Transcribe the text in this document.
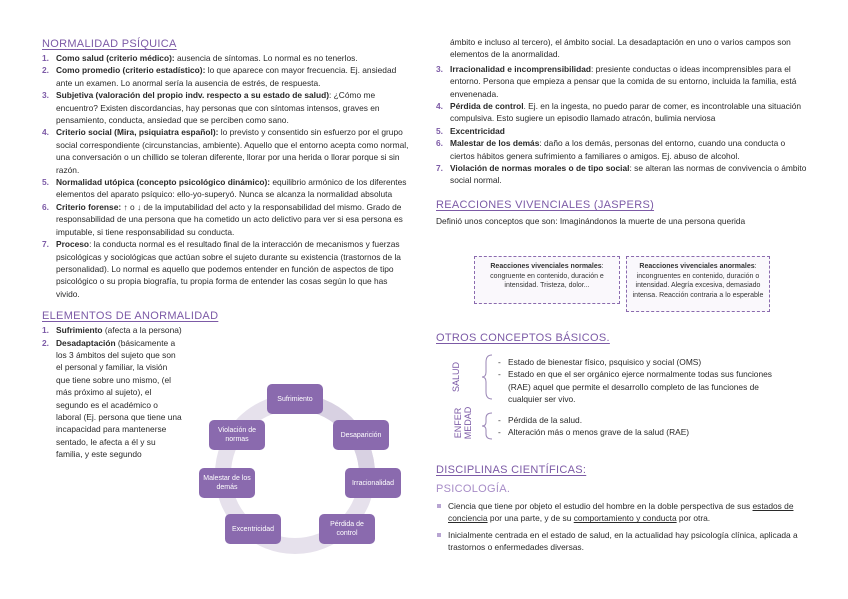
NORMALIDAD PSÍQUICA
1. Como salud (criterio médico): ausencia de síntomas. Lo normal es no tenerlos.
2. Como promedio (criterio estadístico): lo que aparece con mayor frecuencia. Ej. ansiedad ante un examen. Lo anormal sería la ausencia de estrés, de respuesta.
3. Subjetiva (valoración del propio indv. respecto a su estado de salud): ¿Cómo me encuentro? Existen discordancias, hay personas que con síntomas intensos, graves en pensamiento, conducta, ansiedad que se perciben como sano.
4. Criterio social (Mira, psiquiatra español): lo previsto y consentido sin esfuerzo por el grupo social correspondiente (circunstancias, ambiente). Aquello que el entorno acepta como normal, una conversación o un chillido se toleran diferente, llorar por una herida o llorar porque si sin razón.
5. Normalidad utópica (concepto psicológico dinámico): equilibrio armónico de los diferentes elementos del aparato psíquico: ello-yo-superyó. Nunca se alcanza la normalidad absoluta
6. Criterio forense: ↑ o ↓ de la imputabilidad del acto y la responsabilidad del mismo. Grado de responsabilidad de una persona que ha cometido un acto delictivo para ver si esa persona es imputable, si tiene responsabilidad su conducta.
7. Proceso: la conducta normal es el resultado final de la interacción de mecanismos y fuerzas psicológicas y sociológicas que actúan sobre el sujeto durante su existencia (trastornos de la personalidad). Lo normal es aquello que podemos entender en función de aspectos de tipo psicológico o su propia biografía, tu propia forma de entender las cosas según lo que has vivido.
ELEMENTOS DE ANORMALIDAD
1. Sufrimiento (afecta a la persona)
2. Desadaptación (básicamente a los 3 ámbitos del sujeto que son el personal y familiar, la visión que tiene sobre uno mismo, (el más próximo al sujeto), el segundo es el académico o laboral (Ej. persona que tiene una incapacidad para mantenerse sentado, le afecta a él y su familia, y este segundo
Sufrimiento
Desaparición
Irracionalidad
Pérdida de control
Excentricidad
Malestar de los demás
Violación de normas
ámbito e incluso al tercero), el ámbito social. La desadaptación en uno o varios campos son elementos de la anormalidad.
3. Irracionalidad e incomprensibilidad: presiente conductas o ideas incomprensibles para el entorno. Persona que empieza a pensar que la comida de su entorno, incluida la familia, está envenenada.
4. Pérdida de control. Ej. en la ingesta, no puedo parar de comer, es incontrolable una situación compulsiva. Esto sugiere un episodio llamado atracón, bulimia nerviosa
5. Excentricidad
6. Malestar de los demás: daño a los demás, personas del entorno, cuando una conducta o ciertos hábitos genera sufrimiento a familiares o amigos. Ej. abuso de alcohol.
7. Violación de normas morales o de tipo social: se alteran las normas de convivencia o ámbito social normal.
REACCIONES VIVENCIALES (JASPERS)
Definió unos conceptos que son: Imaginándonos la muerte de una persona querida
Reacciones vivenciales normales: congruente en contenido, duración e intensidad. Tristeza, dolor...
Reacciones vivenciales anormales: incongruentes en contenido, duración o intensidad. Alegría excesiva, demasiado intensa. Reacción contraria a lo esperable
OTROS CONCEPTOS BÁSICOS.
SALUD	- Estado de bienestar físico, psquisico y social (OMS)
- Estado en que el ser orgánico ejerce normalmente todas sus funciones (RAE) aquel que permite el desarrollo completo de las funciones de cualquier ser vivo.
ENFER MEDAD	- Pérdida de la salud.
- Alteración más o menos grave de la salud (RAE)
DISCIPLINAS CIENTÍFICAS:
PSICOLOGÍA.
Ciencia que tiene por objeto el estudio del hombre en la doble perspectiva de sus estados de conciencia por una parte, y de su comportamiento y conducta por otra.
Inicialmente centrada en el estado de salud, en la actualidad hay psicología clínica, aplicada a trastornos o enfermedades diversas.
